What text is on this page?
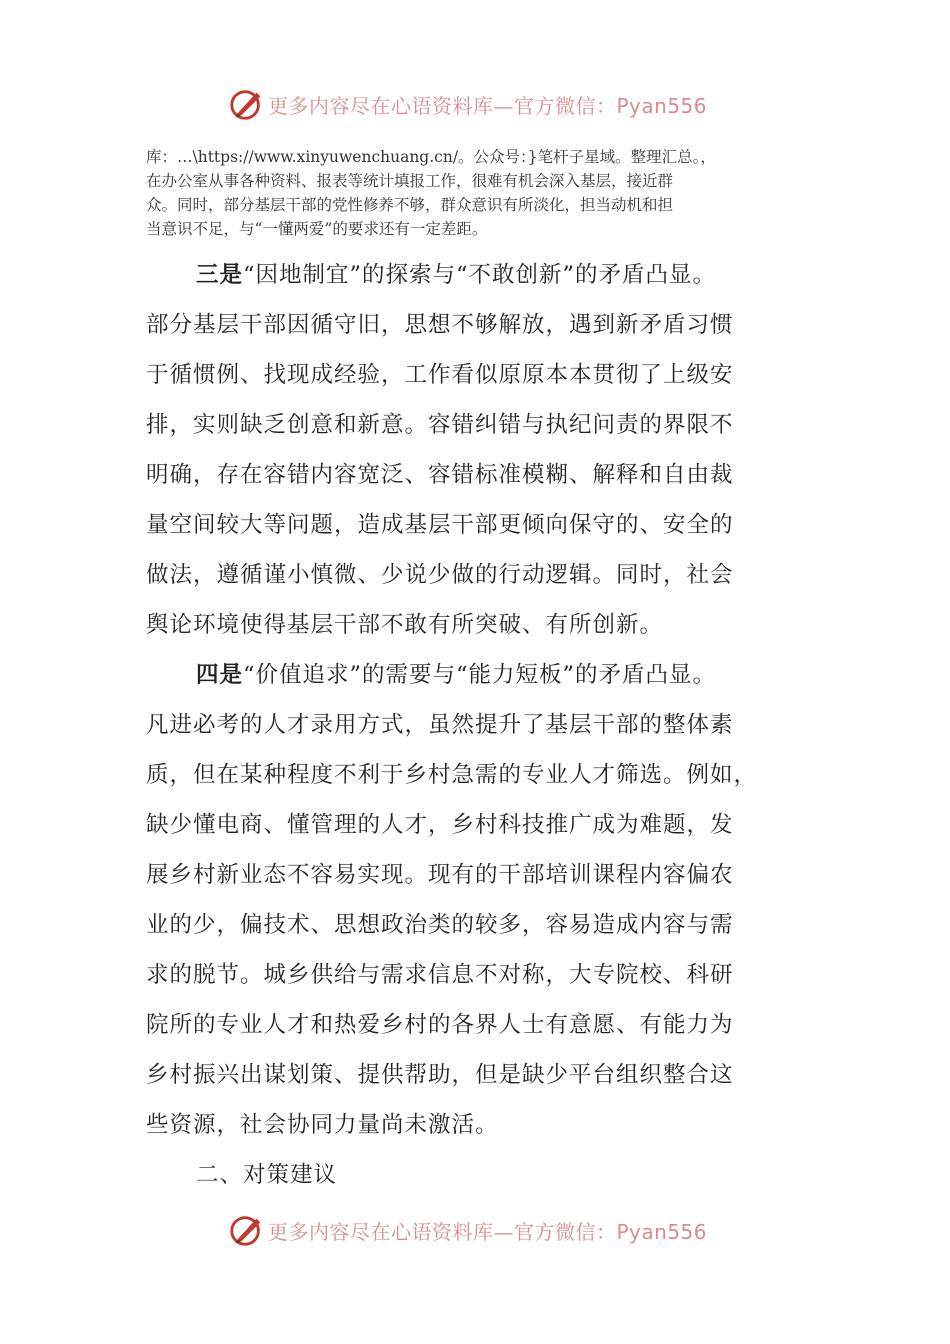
更多内容尽在心语资料库—官方微信：Pyan556

库：…\https://www.xinyuwenchuang.cn/。公众号：}笔杆子星域。整理汇总。，

在办公室从事各种资料、报表等统计填报工作，很难有机会深入基层，接近群

众。同时，部分基层干部的党性修养不够，群众意识有所淡化，担当动机和担

当意识不足，与“一懂两爱”的要求还有一定差距。

三是“因地制宜”的探索与“不敢创新”的矛盾凸显。

部分基层干部因循守旧，思想不够解放，遇到新矛盾习惯

于循惯例、找现成经验，工作看似原原本本贯彻了上级安

排，实则缺乏创意和新意。容错纠错与执纪问责的界限不

明确，存在容错内容宽泛、容错标准模糊、解释和自由裁

量空间较大等问题，造成基层干部更倾向保守的、安全的

做法，遵循谨小慎微、少说少做的行动逻辑。同时，社会

舆论环境使得基层干部不敢有所突破、有所创新。

四是“价值追求”的需要与“能力短板”的矛盾凸显。

凡进必考的人才录用方式，虽然提升了基层干部的整体素

质，但在某种程度不利于乡村急需的专业人才筛选。例如，

缺少懂电商、懂管理的人才，乡村科技推广成为难题，发

展乡村新业态不容易实现。现有的干部培训课程内容偏农

业的少，偏技术、思想政治类的较多，容易造成内容与需

求的脱节。城乡供给与需求信息不对称，大专院校、科研

院所的专业人才和热爱乡村的各界人士有意愿、有能力为

乡村振兴出谋划策、提供帮助，但是缺少平台组织整合这

些资源，社会协同力量尚未激活。

二、对策建议

更多内容尽在心语资料库—官方微信：Pyan556
